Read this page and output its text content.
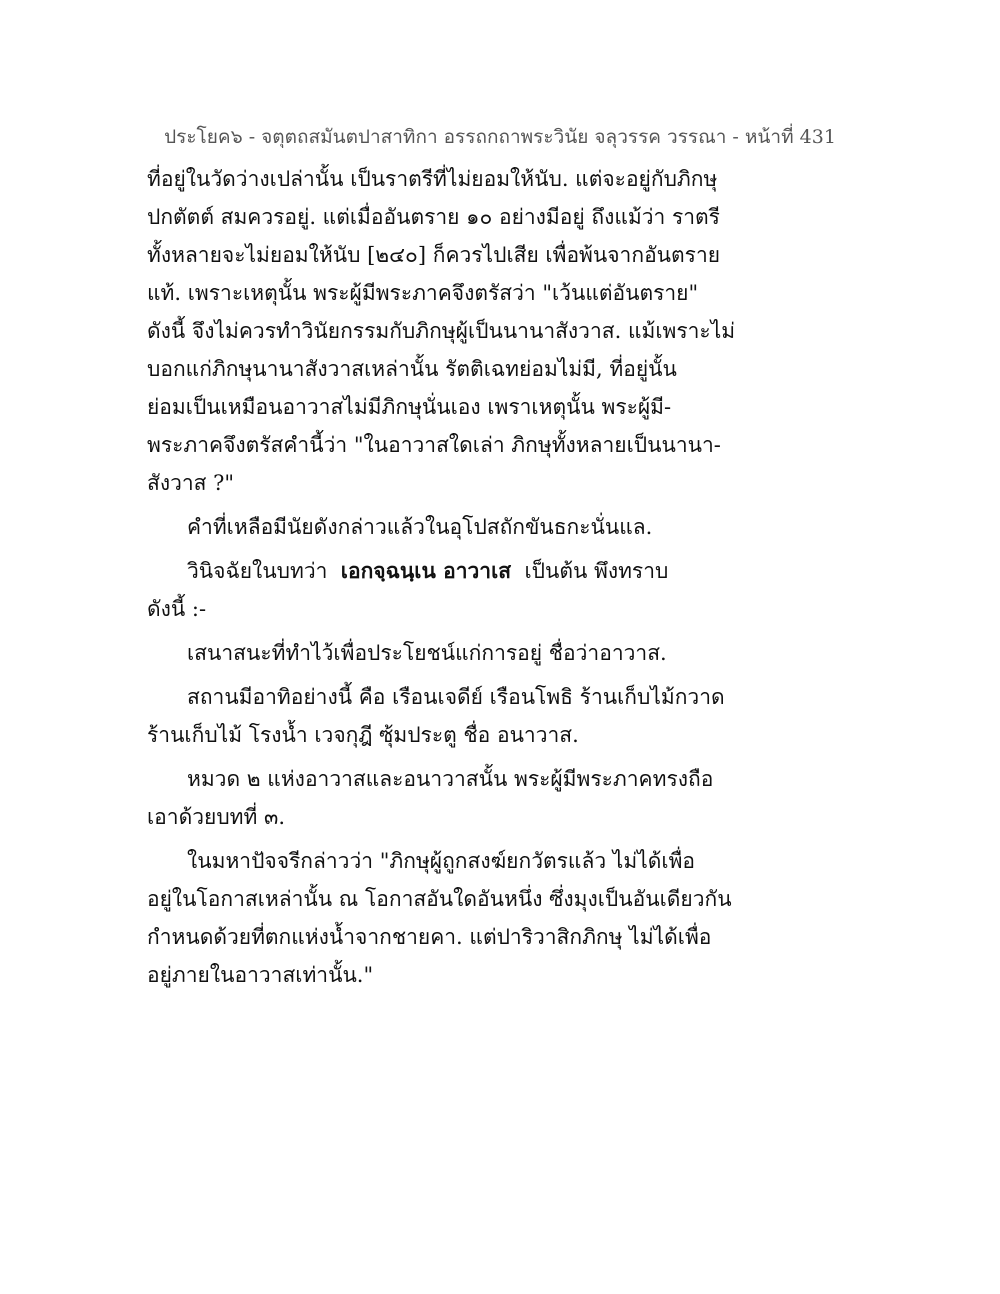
ประโยค๖ - จตุตถสมันตปาสาทิกา อรรถกถาพระวินัย จลุวรรค วรรณา - หน้าที่ 431
ที่อยู่ในวัดว่างเปล่านั้น เป็นราตรีที่ไม่ยอมให้นับ. แต่จะอยู่กับภิกษุ
ปกตัตต์ สมควรอยู่. แต่เมื่ออันตราย ๑๐ อย่างมีอยู่ ถึงแม้ว่า ราตรี
ทั้งหลายจะไม่ยอมให้นับ [๒๔๐] ก็ควรไปเสีย เพื่อพ้นจากอันตราย
แท้. เพราะเหตุนั้น พระผู้มีพระภาคจึงตรัสว่า "เว้นแต่อันตราย"
ดังนี้ จึงไม่ควรทำวินัยกรรมกับภิกษุผู้เป็นนานาสังวาส. แม้เพราะไม่
บอกแก่ภิกษุนานาสังวาสเหล่านั้น รัตติเฉทย่อมไม่มี, ที่อยู่นั้น
ย่อมเป็นเหมือนอาวาสไม่มีภิกษุนั่นเอง เพราเหตุนั้น พระผู้มี-
พระภาคจึงตรัสคำนี้ว่า "ในอาวาสใดเล่า ภิกษุทั้งหลายเป็นนานา-
สังวาส ?"
คำที่เหลือมีนัยดังกล่าวแล้วในอุโปสถักขันธกะนั่นแล.
วินิจฉัยในบทว่า เอกจฺฉนฺเน อาวาเส เป็นต้น พึงทราบ
ดังนี้ :-
เสนาสนะที่ทำไว้เพื่อประโยชน์แก่การอยู่ ชื่อว่าอาวาส.
สถานมีอาทิอย่างนี้ คือ เรือนเจดีย์ เรือนโพธิ ร้านเก็บไม้กวาด
ร้านเก็บไม้ โรงน้ำ เวจกุฎี ซุ้มประตู ชื่อ อนาวาส.
หมวด ๒ แห่งอาวาสและอนาวาสนั้น พระผู้มีพระภาคทรงถือ
เอาด้วยบทที่ ๓.
ในมหาปัจจรีกล่าวว่า "ภิกษุผู้ถูกสงฆ์ยกวัตรแล้ว ไม่ได้เพื่อ
อยู่ในโอกาสเหล่านั้น ณ โอกาสอันใดอันหนึ่ง ซึ่งมุงเป็นอันเดียวกัน
กำหนดด้วยที่ตกแห่งน้ำจากชายคา. แต่ปาริวาสิกภิกษุ ไม่ได้เพื่อ
อยู่ภายในอาวาสเท่านั้น."
